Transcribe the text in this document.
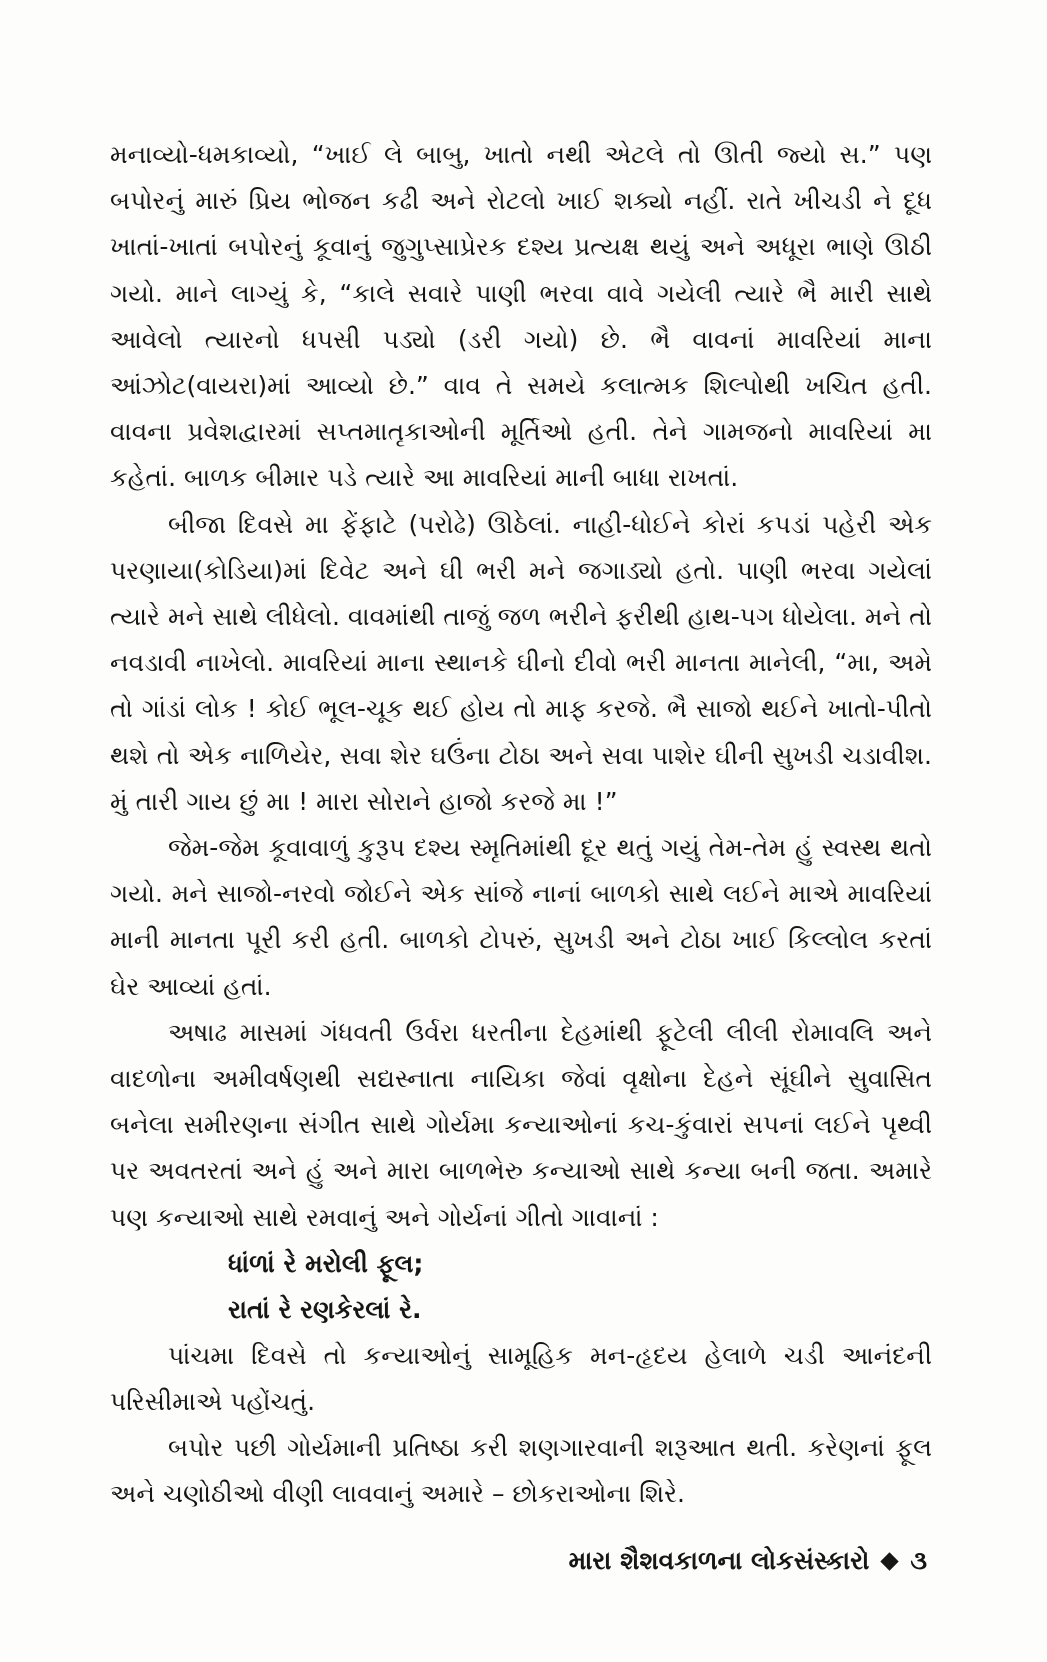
મનાવ્યો-ધમકાવ્યો, “ખાઈ લે બાબુ, ખાતો નથી એટલે તો ઊતી જ્યો સ.” પણ બપોરનું મારું પ્રિય ભોજન કઢી અને રોટલો ખાઈ શક્યો નહીં. રાતે ખીચડી ને દૂધ ખાતાં-ખાતાં બપોરનું કૂવાનું જુગુપ્સાપ્રેરક દશ્ય પ્રત્યક્ષ થયું અને અધૂરા ભાણે ઊઠી ગયો. માને લાગ્યું કે, “કાલે સવારે પાણી ભરવા વાવે ગયેલી ત્યારે ભૈ મારી સાથે આવેલો ત્યારનો ધપસી પડ્યો (ડરી ગયો) છે. ભૈ વાવનાં માવરિયાં માના આંઝોટ(વાયરા)માં આવ્યો છે.” વાવ તે સમયે કલાત્મક શિલ્પોથી ખચિત હતી. વાવના પ્રવેશદ્વારમાં સપ્તમાતૃકાઓની મૂર્તિઓ હતી. તેને ગામજનો માવરિયાં મા કહેતાં. બાળક બીમાર પડે ત્યારે આ માવરિયાં માની બાધા રાખતાં.

બીજા દિવસે મા ફેંફાટે (પરોઢે) ઊઠેલાં. નાહી-ધોઈને કોરાં કપડાં પહેરી એક પરણાયા(કોડિયા)માં દિવેટ અને ઘી ભરી મને જગાડ્યો હતો. પાણી ભરવા ગયેલાં ત્યારે મને સાથે લીધેલો. વાવમાંથી તાજું જળ ભરીને ફરીથી હાથ-પગ ધોયેલા. મને તો નવડાવી નાખેલો. માવરિયાં માના સ્થાનકે ઘીનો દીવો ભરી માનતા માનેલી, “મા, અમે તો ગાંડાં લોક ! કોઈ ભૂલ-ચૂક થઈ હોય તો માફ કરજે. ભૈ સાજો થઈને ખાતો-પીતો થશે તો એક નાળિયેર, સવા શેર ઘઉંના ટોઠા અને સવા પાશેર ઘીની સુખડી ચડાવીશ. મું તારી ગાય છું મા ! મારા સોરાને હાજો કરજે મા !”

જેમ-જેમ કૂવાવાળું કુરૂપ દશ્ય સ્મૃતિમાંથી દૂર થતું ગયું તેમ-તેમ હું સ્વસ્થ થતો ગયો. મને સાજો-નરવો જોઈને એક સાંજે નાનાં બાળકો સાથે લઈને માએ માવરિયાં માની માનતા પૂરી કરી હતી. બાળકો ટોપરું, સુખડી અને ટોઠા ખાઈ કિલ્લોલ કરતાં ઘેર આવ્યાં હતાં.

અષાઢ માસમાં ગંધવતી ઉર્વરા ધરતીના દેહમાંથી ફૂટેલી લીલી રોમાવલિ અને વાદળોના અમીવર્ષણથી સદ્યસ્નાતા નાયિકા જેવાં વૃક્ષોના દેહને સૂંઘીને સુવાસિત બનેલા સમીરણના સંગીત સાથે ગોર્યમા કન્યાઓનાં કચ-કુંવારાં સપનાં લઈને પૃથ્વી પર અવતરતાં અને હું અને મારા બાળભેરુ કન્યાઓ સાથે કન્યા બની જતા. અમારે પણ કન્યાઓ સાથે રમવાનું અને ગોર્યનાં ગીતો ગાવાનાં :

ધાંળાં રે મરોલી ફૂલ;

રાતાં રે રણકેરલાં રે.

પાંચમા દિવસે તો કન્યાઓનું સામૂહિક મન-હૃદય હેલાળે ચડી આનંદની પરિસીમાએ પહોંચતું.

બપોર પછી ગોર્યમાની પ્રતિષ્ઠા કરી શણગારવાની શરૂઆત થતી. કરેણનાં ફૂલ અને ચણોઠીઓ વીણી લાવવાનું અમારે – છોકરાઓના શિરે.

મારા શૈશવકાળના લોકસંસ્કારો ૩
